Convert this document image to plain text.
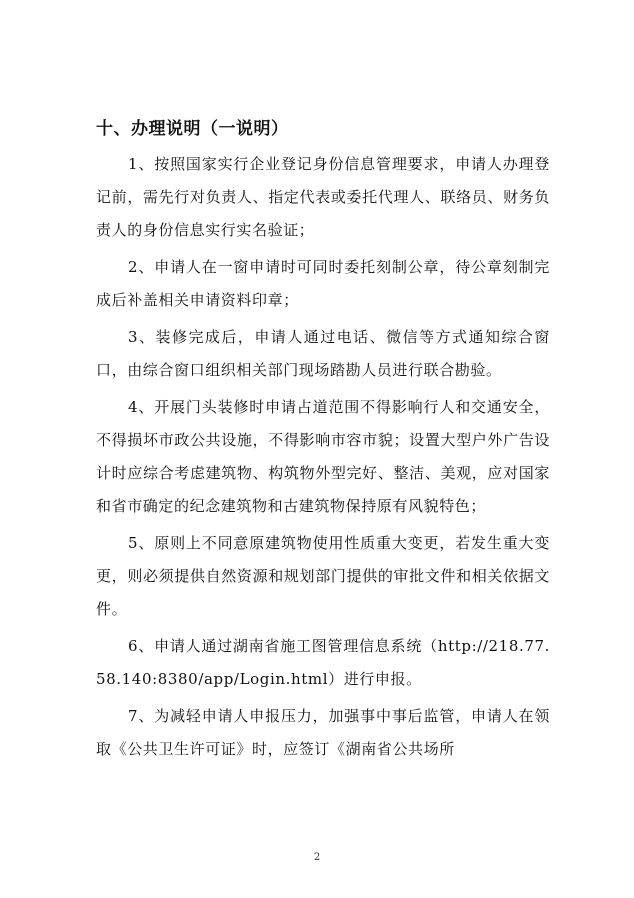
十、办理说明（一说明）

1、按照国家实行企业登记身份信息管理要求，申请人办理登记前，需先行对负责人、指定代表或委托代理人、联络员、财务负责人的身份信息实行实名验证；

2、申请人在一窗申请时可同时委托刻制公章，待公章刻制完成后补盖相关申请资料印章；

3、装修完成后，申请人通过电话、微信等方式通知综合窗口，由综合窗口组织相关部门现场踏勘人员进行联合勘验。

4、开展门头装修时申请占道范围不得影响行人和交通安全，不得损坏市政公共设施，不得影响市容市貌；设置大型户外广告设计时应综合考虑建筑物、构筑物外型完好、整洁、美观，应对国家和省市确定的纪念建筑物和古建筑物保持原有风貌特色；

5、原则上不同意原建筑物使用性质重大变更，若发生重大变更，则必须提供自然资源和规划部门提供的审批文件和相关依据文件。

6、申请人通过湖南省施工图管理信息系统（http://218.77.58.140:8380/app/Login.html）进行申报。

7、为减轻申请人申报压力，加强事中事后监管，申请人在领取《公共卫生许可证》时，应签订《湖南省公共场所

2
